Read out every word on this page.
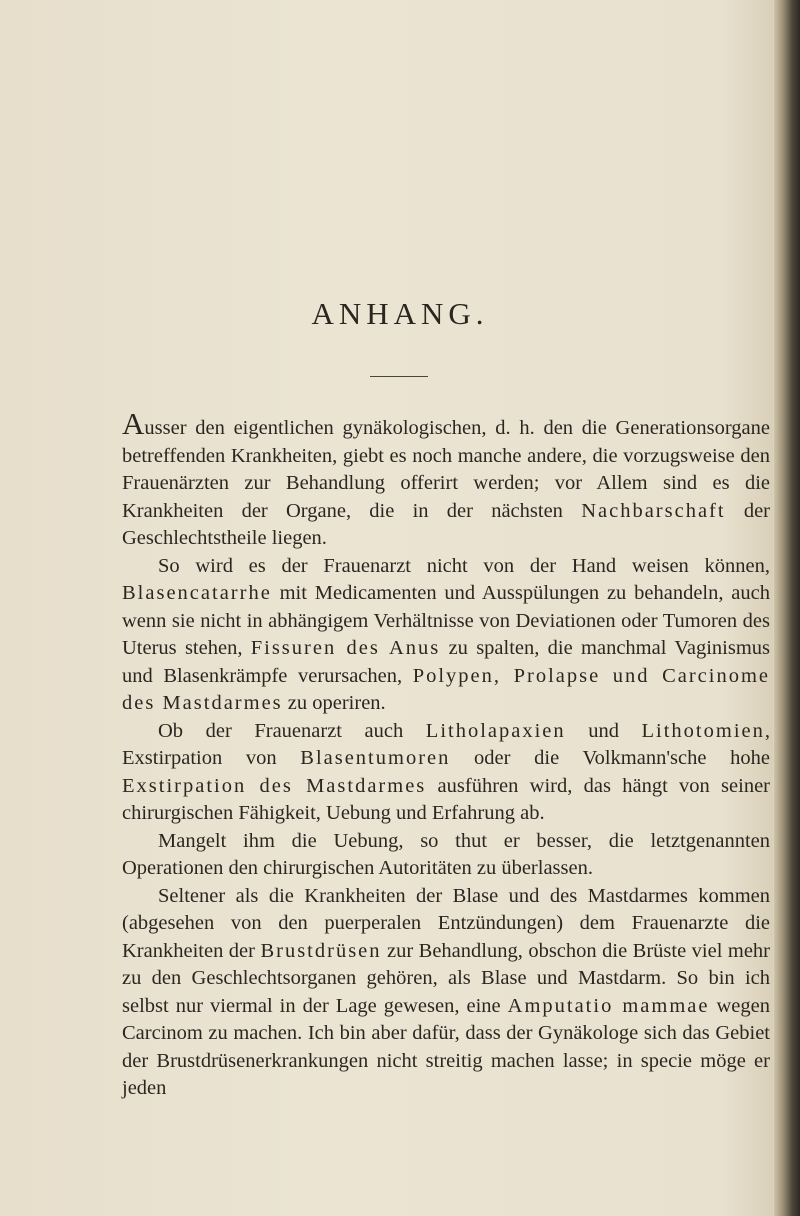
ANHANG.

Ausser den eigentlichen gynäkologischen, d. h. den die Generationsorgane betreffenden Krankheiten, giebt es noch manche andere, die vorzugsweise den Frauenärzten zur Behandlung offerirt werden; vor Allem sind es die Krankheiten der Organe, die in der nächsten Nachbarschaft der Geschlechtstheile liegen.

So wird es der Frauenarzt nicht von der Hand weisen können, Blasencatarrhe mit Medicamenten und Ausspülungen zu behandeln, auch wenn sie nicht in abhängigem Verhältnisse von Deviationen oder Tumoren des Uterus stehen, Fissuren des Anus zu spalten, die manchmal Vaginismus und Blasenkrämpfe verursachen, Polypen, Prolapse und Carcinome des Mastdarmes zu operiren.

Ob der Frauenarzt auch Litholapaxien und Lithotomien, Exstirpation von Blasentumoren oder die Volkmann'sche hohe Exstirpation des Mastdarmes ausführen wird, das hängt von seiner chirurgischen Fähigkeit, Uebung und Erfahrung ab.

Mangelt ihm die Uebung, so thut er besser, die letztgenannten Operationen den chirurgischen Autoritäten zu überlassen.

Seltener als die Krankheiten der Blase und des Mastdarmes kommen (abgesehen von den puerperalen Entzündungen) dem Frauenarzte die Krankheiten der Brustdrüsen zur Behandlung, obschon die Brüste viel mehr zu den Geschlechtsorganen gehören, als Blase und Mastdarm. So bin ich selbst nur viermal in der Lage gewesen, eine Amputatio mammae wegen Carcinom zu machen. Ich bin aber dafür, dass der Gynäkologe sich das Gebiet der Brustdrüsenerkrankungen nicht streitig machen lasse; in specie möge er jeden
